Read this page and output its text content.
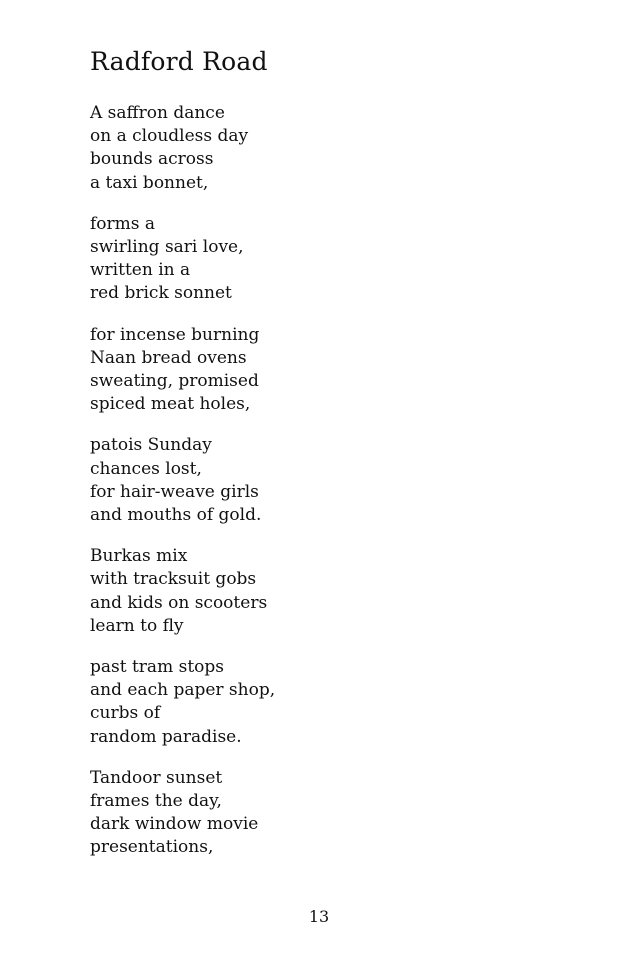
Radford Road
A saffron dance
on a cloudless day
bounds across
a taxi bonnet,
forms a
swirling sari love,
written in a
red brick sonnet
for incense burning
Naan bread ovens
sweating, promised
spiced meat holes,
patois Sunday
chances lost,
for hair-weave girls
and mouths of gold.
Burkas mix
with tracksuit gobs
and kids on scooters
learn to fly
past tram stops
and each paper shop,
curbs of
random paradise.
Tandoor sunset
frames the day,
dark window movie
presentations,
13
